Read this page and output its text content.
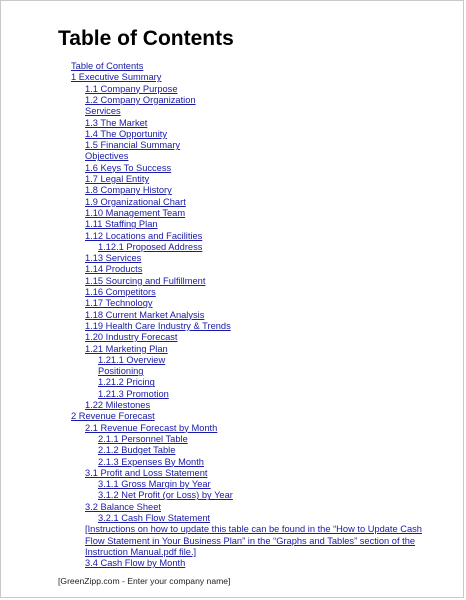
Table of Contents
Table of Contents
1 Executive Summary
1.1 Company Purpose
1.2 Company Organization
Services
1.3 The Market
1.4 The Opportunity
1.5 Financial Summary
Objectives
1.6 Keys To Success
1.7 Legal Entity
1.8 Company History
1.9 Organizational Chart
1.10 Management Team
1.11 Staffing Plan
1.12 Locations and Facilities
1.12.1 Proposed Address
1.13 Services
1.14 Products
1.15 Sourcing and Fulfillment
1.16 Competitors
1.17 Technology
1.18 Current Market Analysis
1.19 Health Care Industry & Trends
1.20 Industry Forecast
1.21 Marketing Plan
1.21.1 Overview
Positioning
1.21.2 Pricing
1.21.3 Promotion
1.22 Milestones
2 Revenue Forecast
2.1 Revenue Forecast by Month
2.1.1 Personnel Table
2.1.2 Budget Table
2.1.3 Expenses By Month
3.1 Profit and Loss Statement
3.1.1 Gross Margin by Year
3.1.2 Net Profit (or Loss) by Year
3.2 Balance Sheet
3.2.1 Cash Flow Statement
[Instructions on how to update this table can be found in the “How to Update Cash
Flow Statement in Your Business Plan” in the “Graphs and Tables” section of the
Instruction Manual.pdf file.]
3.4 Cash Flow by Month
[GreenZipp.com - Enter your company name]
